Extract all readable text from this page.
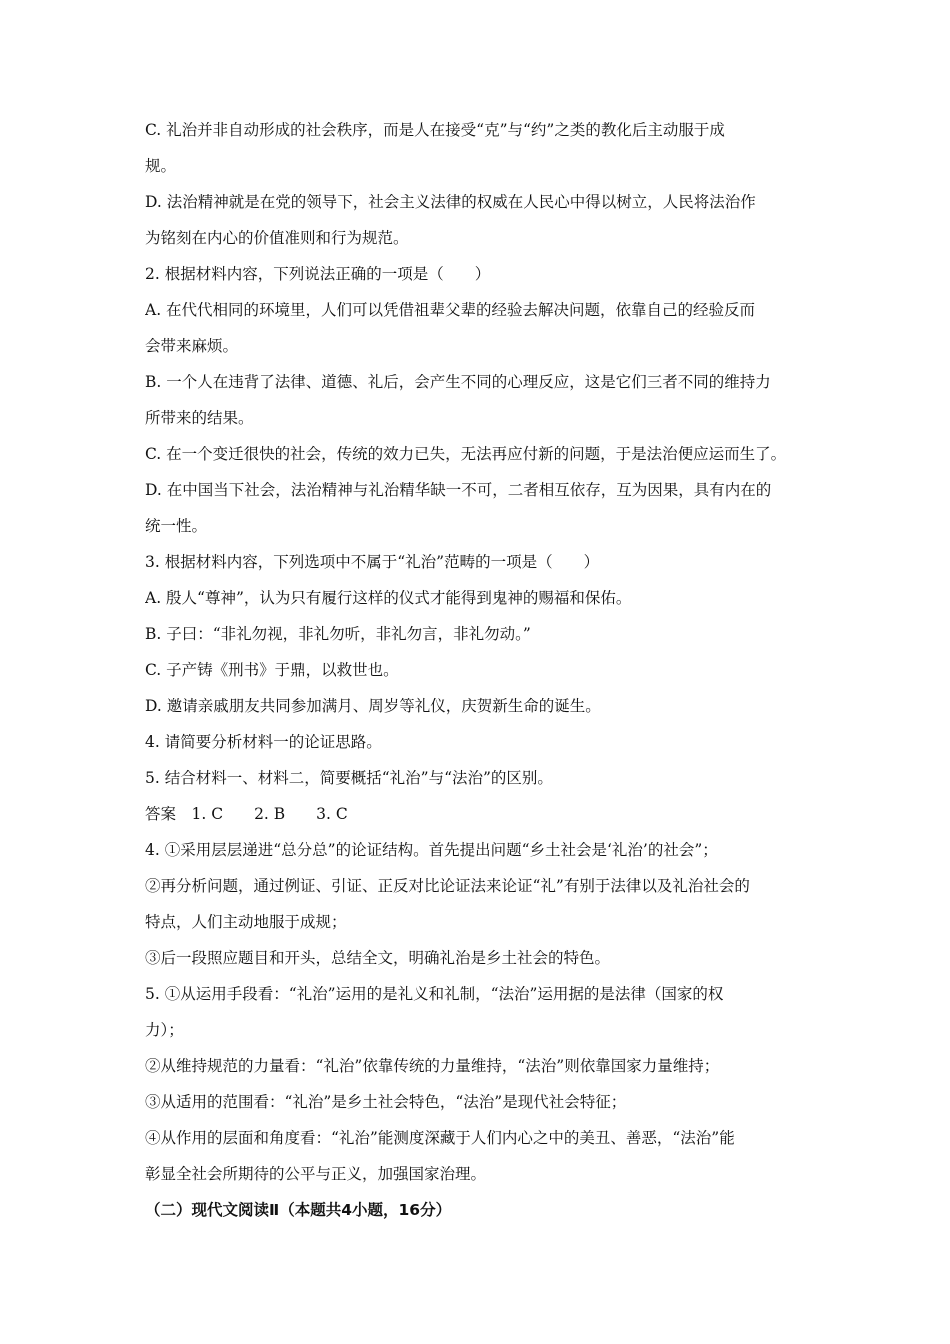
C. 礼治并非自动形成的社会秩序，而是人在接受“克”与“约”之类的教化后主动服于成
规。
D. 法治精神就是在党的领导下，社会主义法律的权威在人民心中得以树立，人民将法治作
为铭刻在内心的价值准则和行为规范。
2. 根据材料内容，下列说法正确的一项是（　　）
A. 在代代相同的环境里，人们可以凭借祖辈父辈的经验去解决问题，依靠自己的经验反而
会带来麻烦。
B. 一个人在违背了法律、道德、礼后，会产生不同的心理反应，这是它们三者不同的维持力
所带来的结果。
C. 在一个变迁很快的社会，传统的效力已失，无法再应付新的问题，于是法治便应运而生了。
D. 在中国当下社会，法治精神与礼治精华缺一不可，二者相互依存，互为因果，具有内在的
统一性。
3. 根据材料内容，下列选项中不属于“礼治”范畴的一项是（　　）
A. 殷人“尊神”，认为只有履行这样的仪式才能得到鬼神的赐福和保佑。
B. 子曰：“非礼勿视，非礼勿听，非礼勿言，非礼勿动。”
C. 子产铸《刑书》于鼎，以救世也。
D. 邀请亲戚朋友共同参加满月、周岁等礼仪，庆贺新生命的诞生。
4. 请简要分析材料一的论证思路。
5. 结合材料一、材料二，简要概括“礼治”与“法治”的区别。
答案　1. C　　2. B　　3. C
4. ①采用层层递进“总分总”的论证结构。首先提出问题“乡土社会是‘礼治’的社会”；
②再分析问题，通过例证、引证、正反对比论证法来论证“礼”有别于法律以及礼治社会的
特点，人们主动地服于成规；
③后一段照应题目和开头，总结全文，明确礼治是乡土社会的特色。
5. ①从运用手段看：“礼治”运用的是礼义和礼制，“法治”运用据的是法律（国家的权
力）；
②从维持规范的力量看：“礼治”依靠传统的力量维持，“法治”则依靠国家力量维持；
③从适用的范围看：“礼治”是乡土社会特色，“法治”是现代社会特征；
④从作用的层面和角度看：“礼治”能测度深藏于人们内心之中的美丑、善恶，“法治”能
彰显全社会所期待的公平与正义，加强国家治理。
（二）现代文阅读Ⅱ（本题共4小题，16分）
